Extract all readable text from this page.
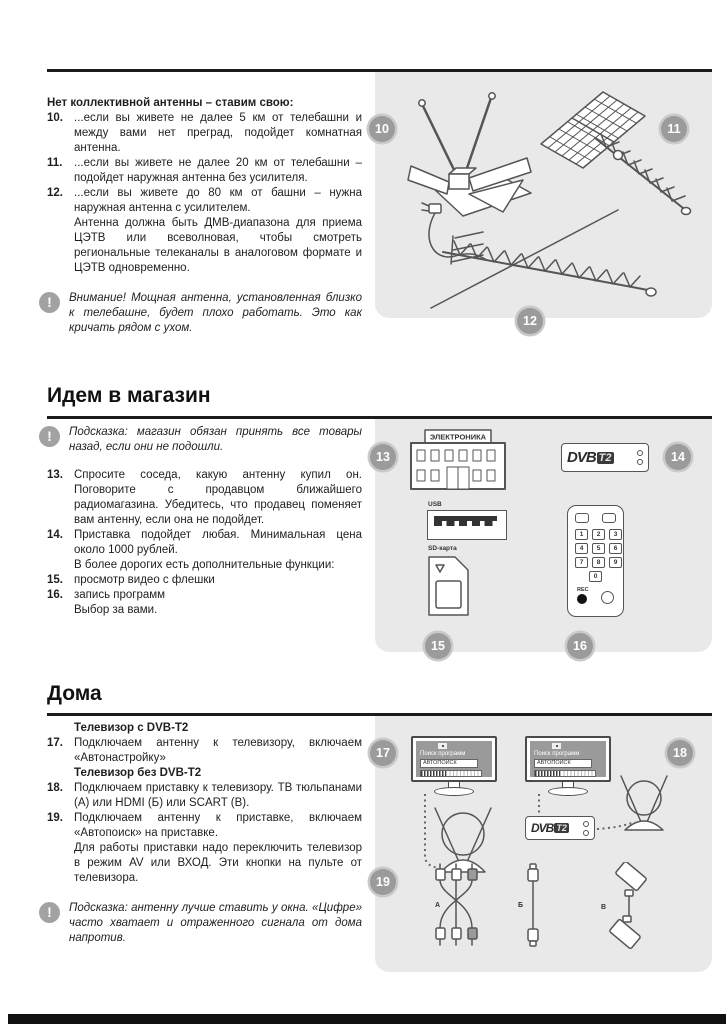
Нет коллективной антенны – ставим свою:
10. ...если вы живете не далее 5 км от телебашни и между вами нет преград, подойдет комнатная антенна.
11.	...если вы живете не далее 20 км от телебашни – подойдет наружная антенна без усилителя.
12. ...если вы живете до 80 км от башни – нужна наружная антенна с усилителем.
Антенна должна быть ДМВ-диапазона для приема ЦЭТВ или всеволновая, чтобы смотреть региональные телеканалы в аналоговом формате и ЦЭТВ одновременно.
!	Внимание! Мощная антенна, установленная близко к телебашне, будет плохо работать. Это как кричать рядом с ухом.
10	11
12
Идем в магазин
!	Подсказка: магазин обязан принять все товары назад, если они не подошли.
13. Спросите соседа, какую антенну купил он. Поговорите с продавцом ближайшего радиомагазина. Убедитесь, что продавец поменяет вам антенну, если она не подойдет.
14. Приставка подойдет любая. Минимальная цена около 1000 рублей.
В более дорогих есть дополнительные функции:
15. просмотр видео с флешки
16. запись программ
Выбор за вами.
ЭЛЕКТРОНИКА
DVB T2
USB
SD-карта
1	2	3
4	5	6
7	8	9
0
REC
13	14
15	16
Дома
Телевизор с DVB-T2
17. Подключаем антенну к телевизору, включаем «Автонастройку»
Телевизор без DVB-T2
18. Подключаем приставку к телевизору. ТВ тюльпанами (А) или HDMI (Б) или SCART (В).
19. Подключаем антенну к приставке, включаем «Автопоиск» на приставке.
Для работы приставки надо переключить телевизор в режим AV или ВХОД. Эти кнопки на пульте от телевизора.
!	Подсказка: антенну лучше ставить у окна. «Цифре» часто хватает и отраженного сигнала от дома напротив.
Поиск программ
АВТОПОИСК
Поиск программ
АВТОПОИСК
DVB T2
А	Б	В
17	18
19
